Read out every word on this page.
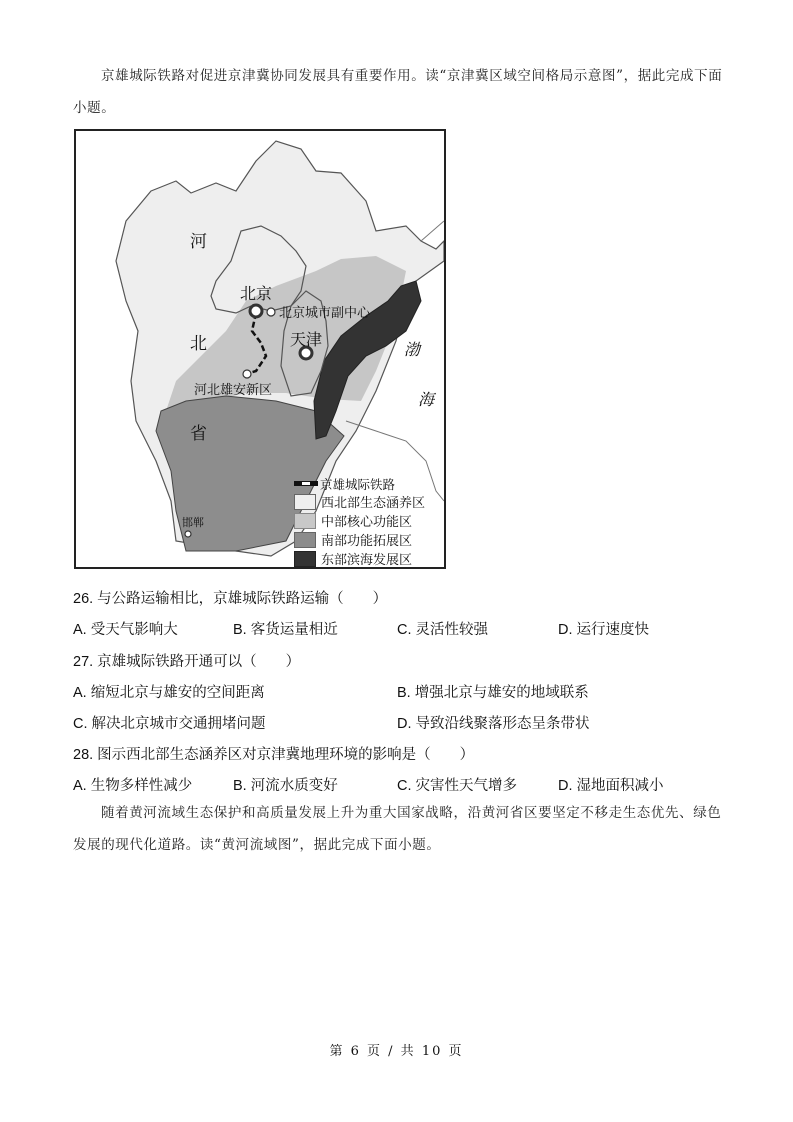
京雄城际铁路对促进京津冀协同发展具有重要作用。读“京津冀区域空间格局示意图”，据此完成下面小题。
河
北
省
渤
海
北京
北京城市副中心
天津
河北雄安新区
邯郸
京雄城际铁路
西北部生态涵养区
中部核心功能区
南部功能拓展区
东部滨海发展区
26. 与公路运输相比，京雄城际铁路运输（　　）
A. 受天气影响大	B. 客货运量相近	C. 灵活性较强	D. 运行速度快
27. 京雄城际铁路开通可以（　　）
A. 缩短北京与雄安的空间距离	B. 增强北京与雄安的地域联系
C. 解决北京城市交通拥堵问题	D. 导致沿线聚落形态呈条带状
28. 图示西北部生态涵养区对京津冀地理环境的影响是（　　）
A. 生物多样性减少	B. 河流水质变好	C. 灾害性天气增多	D. 湿地面积减小
随着黄河流域生态保护和高质量发展上升为重大国家战略，沿黄河省区要坚定不移走生态优先、绿色发展的现代化道路。读“黄河流域图”，据此完成下面小题。
第 6 页 / 共 10 页
